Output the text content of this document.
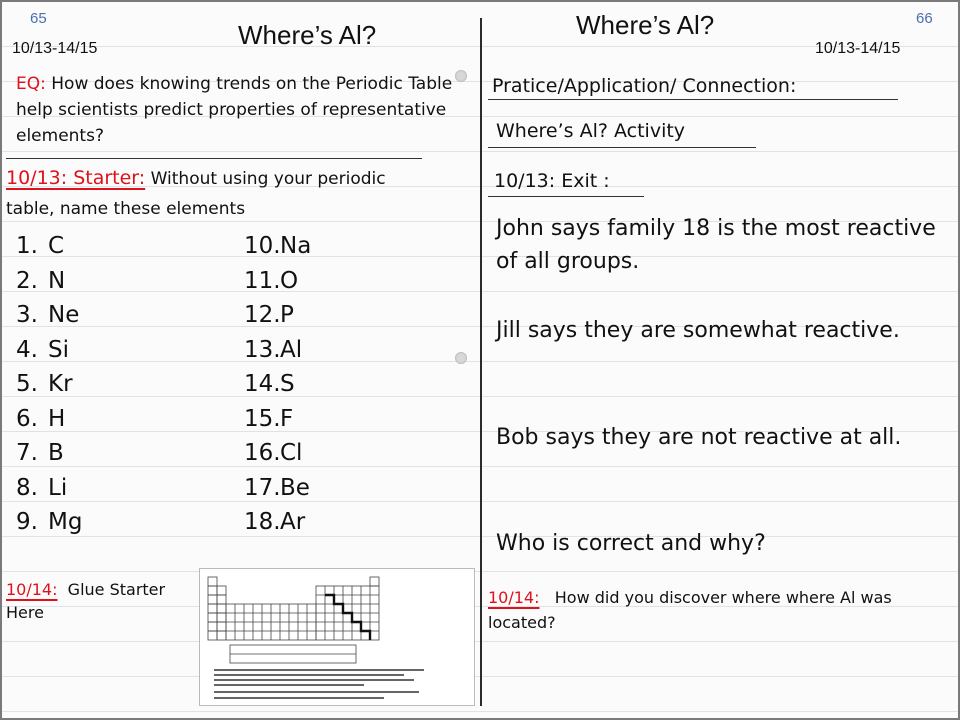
65
10/13-14/15	Where’s Al?
EQ: How does knowing trends on the Periodic Table help scientists predict properties of representative elements?
10/13: Starter: Without using your periodic table, name these elements
1. C
2. N
3. Ne
4. Si
5. Kr
6. H
7. B
8. Li
9. Mg
10.Na
11.O
12.P
13.Al
14.S
15.F
16.Cl
17.Be
18.Ar
10/14: Glue Starter Here
66
10/13-14/15
Where’s Al?
Pratice/Application/ Connection:
Where’s Al? Activity
10/13: Exit :
John says family 18 is the most reactive of all groups.
Jill says they are somewhat reactive.
Bob says they are not reactive at all.
Who is correct and why?
10/14: How did you discover where where Al was located?
